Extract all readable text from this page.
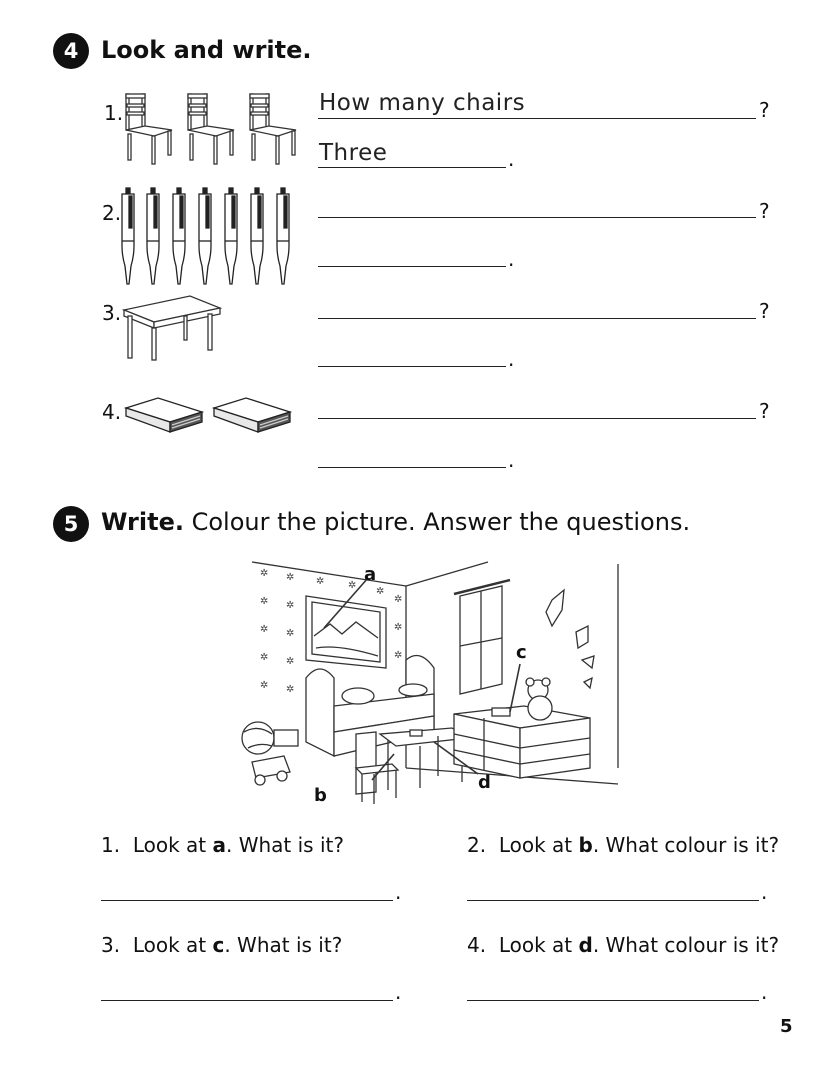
4 Look and write.
1.	How many chairs	?
Three	.
2.	?
.
3.	?
.
4.	?
.
5 Write. Colour the picture. Answer the questions.
✲ ✲ ✲
✲ ✲
✲ ✲
✲ ✲
✲ ✲
✲
✲
✲
✲
✲
a
c
b
d
1. Look at a. What is it?
.
2. Look at b. What colour is it?
.
3. Look at c. What is it?
.
4. Look at d. What colour is it?
.
5
